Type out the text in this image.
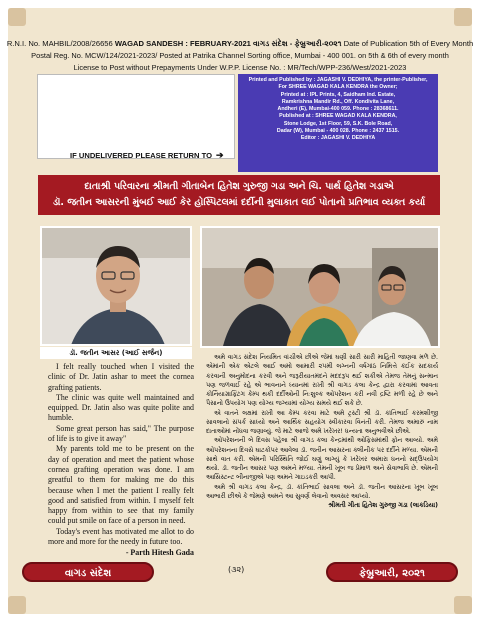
R.N.I. No. MAHBIL/2008/26656 WAGAD SANDESH : FEBRUARY-2021 વાગડ સંદેશ - ફેબ્રુઆરી-૨૦૨૧ Date of Publication 5th of Every Month
Postal Reg. No. MCW/124/2021-2023/ Posted at Patrika Channel Sorting office, Mumbai - 400 001. on 5th & 6th of every month
License to Post without Prepayments Under W.P.P. License No. : MR/Tech/WPP-236/West/2021-2023
IF UNDELIVERED PLEASE RETURN TO ➔
Printed and Published by : JAGASHI V. DEDHIYA, the printer-Publisher,
For SHREE WAGAD KALA KENDRA the Owner;
Printed at : IPL Prints, 4, Saidham Ind. Estate,
Ramkrishna Mandir Rd., Off. Kondivita Lane,
Andheri (E), Mumbai-400 059. Phone : 28368611.
Published at : SHREE WAGAD KALA KENDRA,
Stone Lodge, 1st Floor, 59, S.K. Bole Road,
Dadar (W), Mumbai - 400 028. Phone : 2437 1515.
Editor : JAGASHI V. DEDHIYA
દાતાશ્રી પરિવારના શ્રીમતી ગીતાબેન હિતેશ ગુરુજી ગડા અને ચિ. પાર્થ હિતેશ ગડાએ
ડૉ. જતીન આસરની મુંબઈ આઈ કેર હોસ્પિટલમાં દર્દીની મુલાકાત લઈ પોતાનો પ્રતિભાવ વ્યક્ત કર્યા
ડૉ. જતીન આસર (આઈ સર્જન)

I felt really touched when I visited the clinic of Dr. Jatin ashar to meet the cornea grafting patients.

The clinic was quite well maintained and equipped. Dr. Jatin also was quite polite and humble.

Some great person has said," The purpose of life is to give it away"

My parents told me to be present on the day of operation and meet the patient whose cornea grafting operation was done. I am greatful to them for making me do this because when I met the patient I really felt good and satisfied from within. I myself felt happy from within to see that my family could put smile on face of a person in need.

Today's event has motivated me allot to do more and more for the needy in future too.

- Parth Hitesh Gada

અમે વાગડ સંદેશ નિયમિત વાંચીએ છીએ જેમાં ઘણી સારી સારી માહિતી જાણવા મળે છે. એમાંની એક એટલે આઈ અમો આમારી ૨૫મી લગ્નની વર્ષગાંઠ નિમિત્તે કંઈક સદકાર્ય કરવાની અનુમોદના કરવી અને જરૂરીયાતમંદને મદદરૂપ થઈ શકીએ તેમજ તેમનું સન્માન પણ જળવાઈ રહે એ ભાવનાને ધ્યાનમાં રાખી શ્રી વાગડ કલા કેન્દ્ર દ્વારા કરવામાં આવતા કોર્નિયાગ્રાફ્ટિંગ કેમ્પ થકી દર્દીઓની નિઃશુલ્ક ઓપરેશન કરી નવી દ્રષ્ટિ મળી રહે છે અને પૈસાનો ઉપયોગ પણ યોગ્ય જગ્યામાં યોગ્ય સમયે થઈ શકે છે.

એ વાતને લક્ષમાં રાખી આ કેમ્પ કરવા માટે અમે ટ્રસ્ટી શ્રી ડૉ. કાંતિભાઈ કરમશીજી સાવલાનો સંપર્ક સાધ્યો અને આર્થિક સહયોગ સ્વીકારવા વિનંતી કરી. તેમજ અમારું નામ દાતાઓમાં નોંધવા જણાવ્યું. જે માટે આજે અમે ખરેખર! ધન્યતા અનુભવીએ છીએ.

ઓપરેશનની બે દિવસ પહેલા શ્રી વાગડ કલા કેન્દ્રમાંથી ઓફિસમાંથી ફોન આવ્યો. અમે ઓપરેશનના દિવસે ઘાટકોપર આવેલા ડૉ. જતીન આસરના ક્લીનીક પર દર્દીને મળ્યા. એમની સાથે વાત કરી. એમની પરિસ્થિતિ જોઈ ઘણું લાગ્યું કે ખરેખર અમારા ધનનો સદ્ઉપયોગ થયો. ડૉ. જતીન આસર પણ અમને મળ્યા. તેમની ખૂબ જ પ્રેમાળ અને સેવાભાવિ છે. એમની આસિસ્ટન્ટ બીનાજીએ પણ અમને ગાઇડકરી આપી.

અમે શ્રી વાગડ કલા કેન્દ્ર, ડૉ. કાંતિભાઈ સાવલા અને ડૉ. જતીન આસરના ખૂબ ખૂબ આભારી છીએ કે જેમણે અમને આ સુવર્ણ લેવાનો અવસર આપ્યો.

શ્રીમતી ગીતા હિતેશ ગુરુજી ગડા (લાકડિયા)
વાગડ સંદેશ	(૩૨)	ફેબ્રુઆરી, ૨૦૨૧
